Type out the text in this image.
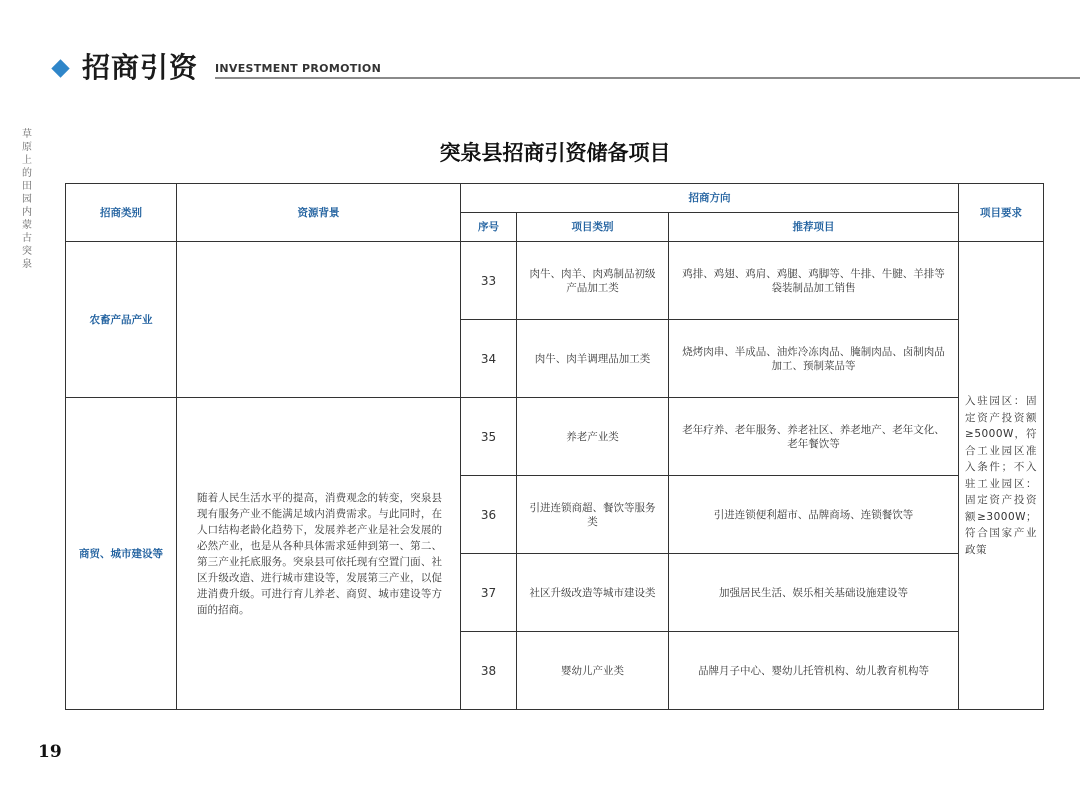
招商引资 INVESTMENT PROMOTION
草原上的田园 内蒙古突泉
突泉县招商引资储备项目
招商类别	资源背景	招商方向			项目要求
		序号	项目类别	推荐项目	
农畜产品产业		33	肉牛、肉羊、肉鸡制品初级产品加工类	鸡排、鸡翅、鸡肩、鸡腿、鸡脚等、牛排、牛腱、羊排等袋装制品加工销售	入驻园区：固定资产投资额≥5000W，符合工业园区准入条件；不入驻工业园区：固定资产投资额≥3000W；符合国家产业政策
		34	肉牛、肉羊调理品加工类	烧烤肉串、半成品、油炸冷冻肉品、腌制肉品、卤制肉品加工、预制菜品等	
商贸、城市建设等	随着人民生活水平的提高，消费观念的转变，突泉县现有服务产业不能满足域内消费需求。与此同时，在人口结构老龄化趋势下，发展养老产业是社会发展的必然产业，也是从各种具体需求延伸到第一、第二、第三产业托底服务。突泉县可依托现有空置门面、社区升级改造、进行城市建设等，发展第三产业，以促进消费升级。可进行育儿养老、商贸、城市建设等方面的招商。	35	养老产业类	老年疗养、老年服务、养老社区、养老地产、老年文化、老年餐饮等	
		36	引进连锁商超、餐饮等服务类	引进连锁便利超市、品牌商场、连锁餐饮等	
		37	社区升级改造等城市建设类	加强居民生活、娱乐相关基础设施建设等	
		38	婴幼儿产业类	品牌月子中心、婴幼儿托管机构、幼儿教育机构等	
19
